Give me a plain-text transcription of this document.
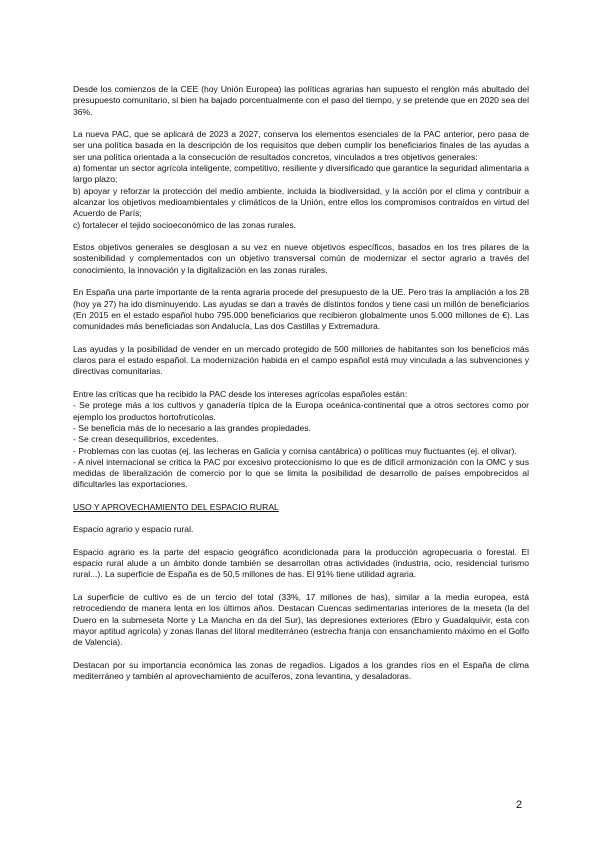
Desde los comienzos de la CEE (hoy Unión Europea) las políticas agrarias han supuesto el renglón más abultado del presupuesto comunitario, si bien ha bajado porcentualmente con el paso del tiempo, y se pretende que en 2020 sea del 36%.

La nueva PAC, que se aplicará de 2023 a 2027, conserva los elementos esenciales de la PAC anterior, pero pasa de ser una política basada en la descripción de los requisitos que deben cumplir los beneficiarios finales de las ayudas a ser una política orientada a la consecución de resultados concretos, vinculados a tres objetivos generales:
a) fomentar un sector agrícola inteligente, competitivo, resiliente y diversificado que garantice la seguridad alimentaria a largo plazo;
b) apoyar y reforzar la protección del medio ambiente, incluida la biodiversidad, y la acción por el clima y contribuir a alcanzar los objetivos medioambientales y climáticos de la Unión, entre ellos los compromisos contraídos en virtud del Acuerdo de París;
c) fortalecer el tejido socioeconómico de las zonas rurales.

Estos objetivos generales se desglosan a su vez en nueve objetivos específicos, basados en los tres pilares de la sostenibilidad y complementados con un objetivo transversal común de modernizar el sector agrario a través del conocimiento, la innovación y la digitalización en las zonas rurales.

En España una parte importante de la renta agraria procede del presupuesto de la UE. Pero tras la ampliación a los 28 (hoy ya 27) ha ido disminuyendo. Las ayudas se dan a través de distintos fondos y tiene casi un millón de beneficiarios (En 2015 en el estado español hubo 795.000 beneficiarios que recibieron globalmente unos 5.000 millones de €). Las comunidades más beneficiadas son Andalucía, Las dos Castillas y Extremadura.

Las ayudas y la posibilidad de vender en un mercado protegido de 500 millones de habitantes son los beneficios más claros para el estado español. La modernización habida en el campo español está muy vinculada a las subvenciones y directivas comunitarias.

Entre las críticas que ha recibido la PAC desde los intereses agrícolas españoles están:
- Se protege más a los cultivos y ganadería típica de la Europa oceánica-continental que a otros sectores como por ejemplo los productos hortofrutícolas.
- Se beneficia más de lo necesario a las grandes propiedades.
- Se crean desequilibrios, excedentes.
- Problemas con las cuotas (ej. las lecheras en Galicia y cornisa cantábrica) o políticas muy fluctuantes (ej. el olivar).
- A nivel internacional se critica la PAC por excesivo proteccionismo lo que es de difícil armonización con la OMC y sus medidas de liberalización de comercio por lo que se limita la posibilidad de desarrollo de países empobrecidos al dificultarles las exportaciones.

USO Y APROVECHAMIENTO DEL ESPACIO RURAL

Espacio agrario y espacio rural.

Espacio agrario es la parte del espacio geográfico acondicionada para la producción agropecuaria o forestal. El espacio rural alude a un ámbito donde también se desarrollan otras actividades (industria, ocio, residencial turismo rural...). La superficie de España es de 50,5 millones de has. El 91% tiene utilidad agraria.

La superficie de cultivo es de un tercio del total (33%, 17 millones de has), similar a la media europea, está retrocediendo de manera lenta en los últimos años. Destacan Cuencas sedimentarias interiores de la meseta (la del Duero en la submeseta Norte y La Mancha en da del Sur), las depresiones exteriores (Ebro y Guadalquivir, esta con mayor aptitud agrícola) y zonas llanas del litoral mediterráneo (estrecha franja con ensanchamiento máximo en el Golfo de Valencia).

Destacan por su importancia económica las zonas de regadíos. Ligados a los grandes ríos en el España de clima mediterráneo y también al aprovechamiento de acuíferos, zona levantina, y desaladoras.

2
